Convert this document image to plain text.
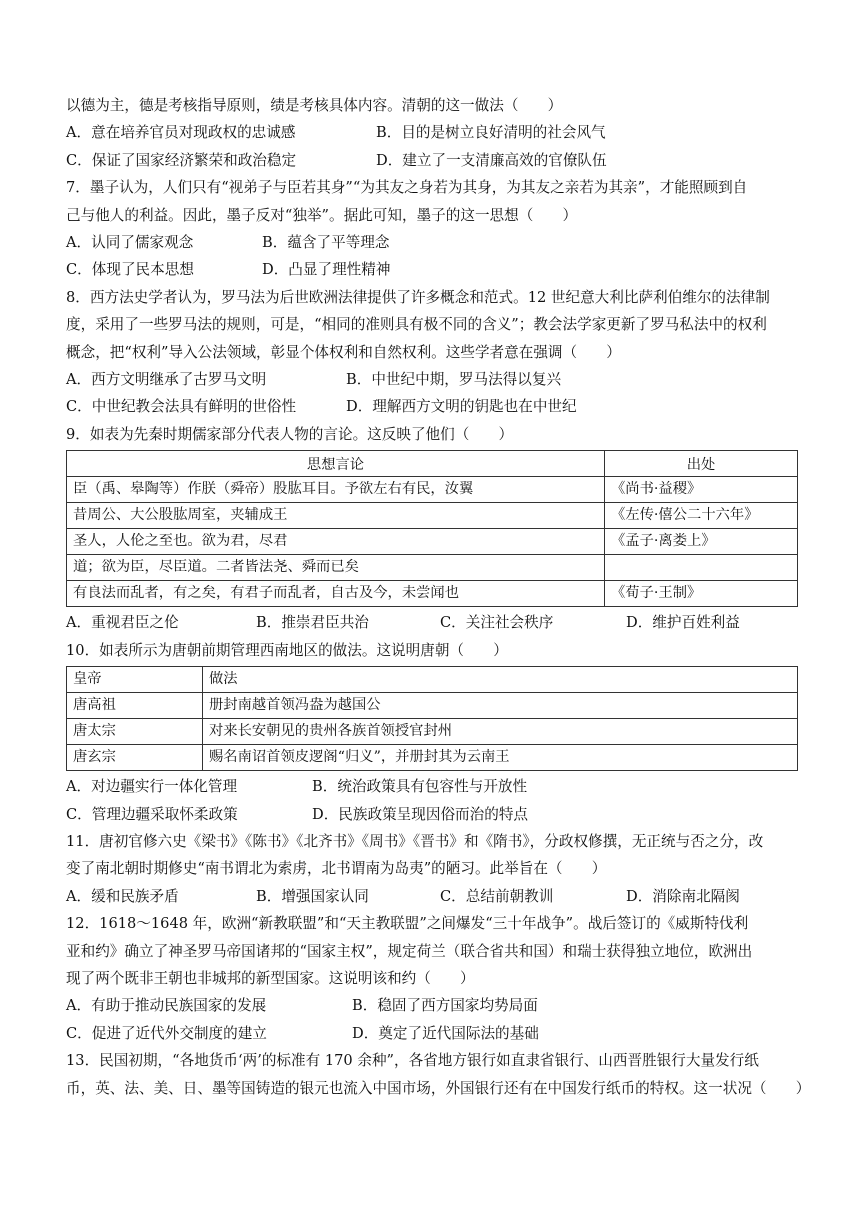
以德为主，德是考核指导原则，绩是考核具体内容。清朝的这一做法（　　）
A．意在培养官员对现政权的忠诚感	B．目的是树立良好清明的社会风气
C．保证了国家经济繁荣和政治稳定	D．建立了一支清廉高效的官僚队伍
7．墨子认为，人们只有“视弟子与臣若其身”“为其友之身若为其身，为其友之亲若为其亲”，才能照顾到自
己与他人的利益。因此，墨子反对“独举”。据此可知，墨子的这一思想（　　）
A．认同了儒家观念	B．蕴含了平等理念
C．体现了民本思想	D．凸显了理性精神
8．西方法史学者认为，罗马法为后世欧洲法律提供了许多概念和范式。12 世纪意大利比萨利伯维尔的法律制
度，采用了一些罗马法的规则，可是，“相同的准则具有极不同的含义”；教会法学家更新了罗马私法中的权利
概念，把“权利”导入公法领域，彰显个体权利和自然权利。这些学者意在强调（　　）
A．西方文明继承了古罗马文明	B．中世纪中期，罗马法得以复兴
C．中世纪教会法具有鲜明的世俗性	D．理解西方文明的钥匙也在中世纪
9．如表为先秦时期儒家部分代表人物的言论。这反映了他们（　　）
思想言论	出处
臣（禹、皋陶等）作朕（舜帝）股肱耳目。予欲左右有民，汝翼	《尚书·益稷》
昔周公、大公股肱周室，夹辅成王	《左传·僖公二十六年》
圣人，人伦之至也。欲为君，尽君	《孟子·离娄上》
道；欲为臣，尽臣道。二者皆法尧、舜而已矣	
有良法而乱者，有之矣，有君子而乱者，自古及今，未尝闻也	《荀子·王制》
A．重视君臣之伦	B．推崇君臣共治	C．关注社会秩序	D．维护百姓利益
10．如表所示为唐朝前期管理西南地区的做法。这说明唐朝（　　）
皇帝	做法
唐高祖	册封南越首领冯盎为越国公
唐太宗	对来长安朝见的贵州各族首领授官封州
唐玄宗	赐名南诏首领皮逻阁“归义”，并册封其为云南王
A．对边疆实行一体化管理	B．统治政策具有包容性与开放性
C．管理边疆采取怀柔政策	D．民族政策呈现因俗而治的特点
11．唐初官修六史《梁书》《陈书》《北齐书》《周书》《晋书》和《隋书》，分政权修撰，无正统与否之分，改
变了南北朝时期修史“南书谓北为索虏，北书谓南为岛夷”的陋习。此举旨在（　　）
A．缓和民族矛盾	B．增强国家认同	C．总结前朝教训	D．消除南北隔阂
12．1618～1648 年，欧洲“新教联盟”和“天主教联盟”之间爆发“三十年战争”。战后签订的《威斯特伐利
亚和约》确立了神圣罗马帝国诸邦的“国家主权”，规定荷兰（联合省共和国）和瑞士获得独立地位，欧洲出
现了两个既非王朝也非城邦的新型国家。这说明该和约（　　）
A．有助于推动民族国家的发展	B．稳固了西方国家均势局面
C．促进了近代外交制度的建立	D．奠定了近代国际法的基础
13．民国初期，“各地货币‘两’的标准有 170 余种”，各省地方银行如直隶省银行、山西晋胜银行大量发行纸
币，英、法、美、日、墨等国铸造的银元也流入中国市场，外国银行还有在中国发行纸币的特权。这一状况（　　）
